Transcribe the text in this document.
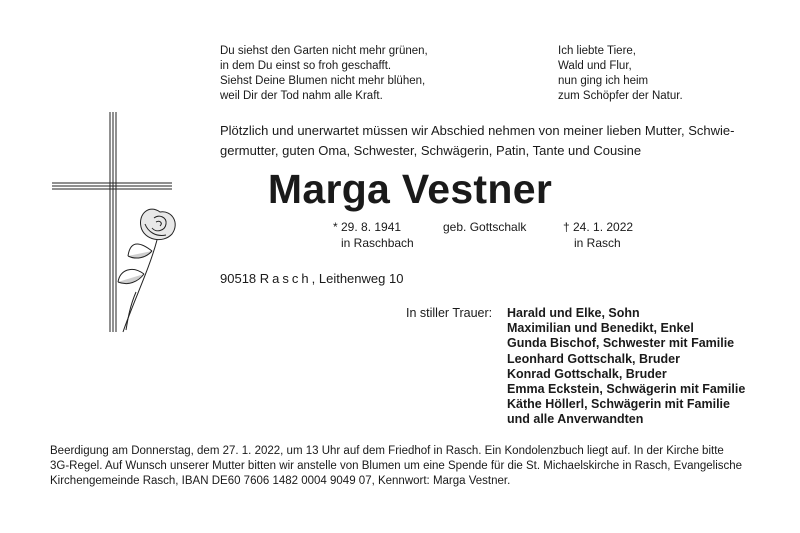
Du siehst den Garten nicht mehr grünen,
in dem Du einst so froh geschafft.
Siehst Deine Blumen nicht mehr blühen,
weil Dir der Tod nahm alle Kraft.
Ich liebte Tiere,
Wald und Flur,
nun ging ich heim
zum Schöpfer der Natur.
Plötzlich und unerwartet müssen wir Abschied nehmen von meiner lieben Mutter, Schwie-
germutter, guten Oma, Schwester, Schwägerin, Patin, Tante und Cousine
Marga Vestner
* 29. 8. 1941
in Raschbach
geb. Gottschalk	† 24. 1. 2022
in Rasch
90518 Rasch, Leithenweg 10
In stiller Trauer: Harald und Elke, Sohn
Maximilian und Benedikt, Enkel
Gunda Bischof, Schwester mit Familie
Leonhard Gottschalk, Bruder
Konrad Gottschalk, Bruder
Emma Eckstein, Schwägerin mit Familie
Käthe Höllerl, Schwägerin mit Familie
und alle Anverwandten
Beerdigung am Donnerstag, dem 27. 1. 2022, um 13 Uhr auf dem Friedhof in Rasch. Ein Kondolenzbuch liegt auf. In der Kirche bitte
3G-Regel. Auf Wunsch unserer Mutter bitten wir anstelle von Blumen um eine Spende für die St. Michaelskirche in Rasch, Evangelische
Kirchengemeinde Rasch, IBAN DE60 7606 1482 0004 9049 07, Kennwort: Marga Vestner.
